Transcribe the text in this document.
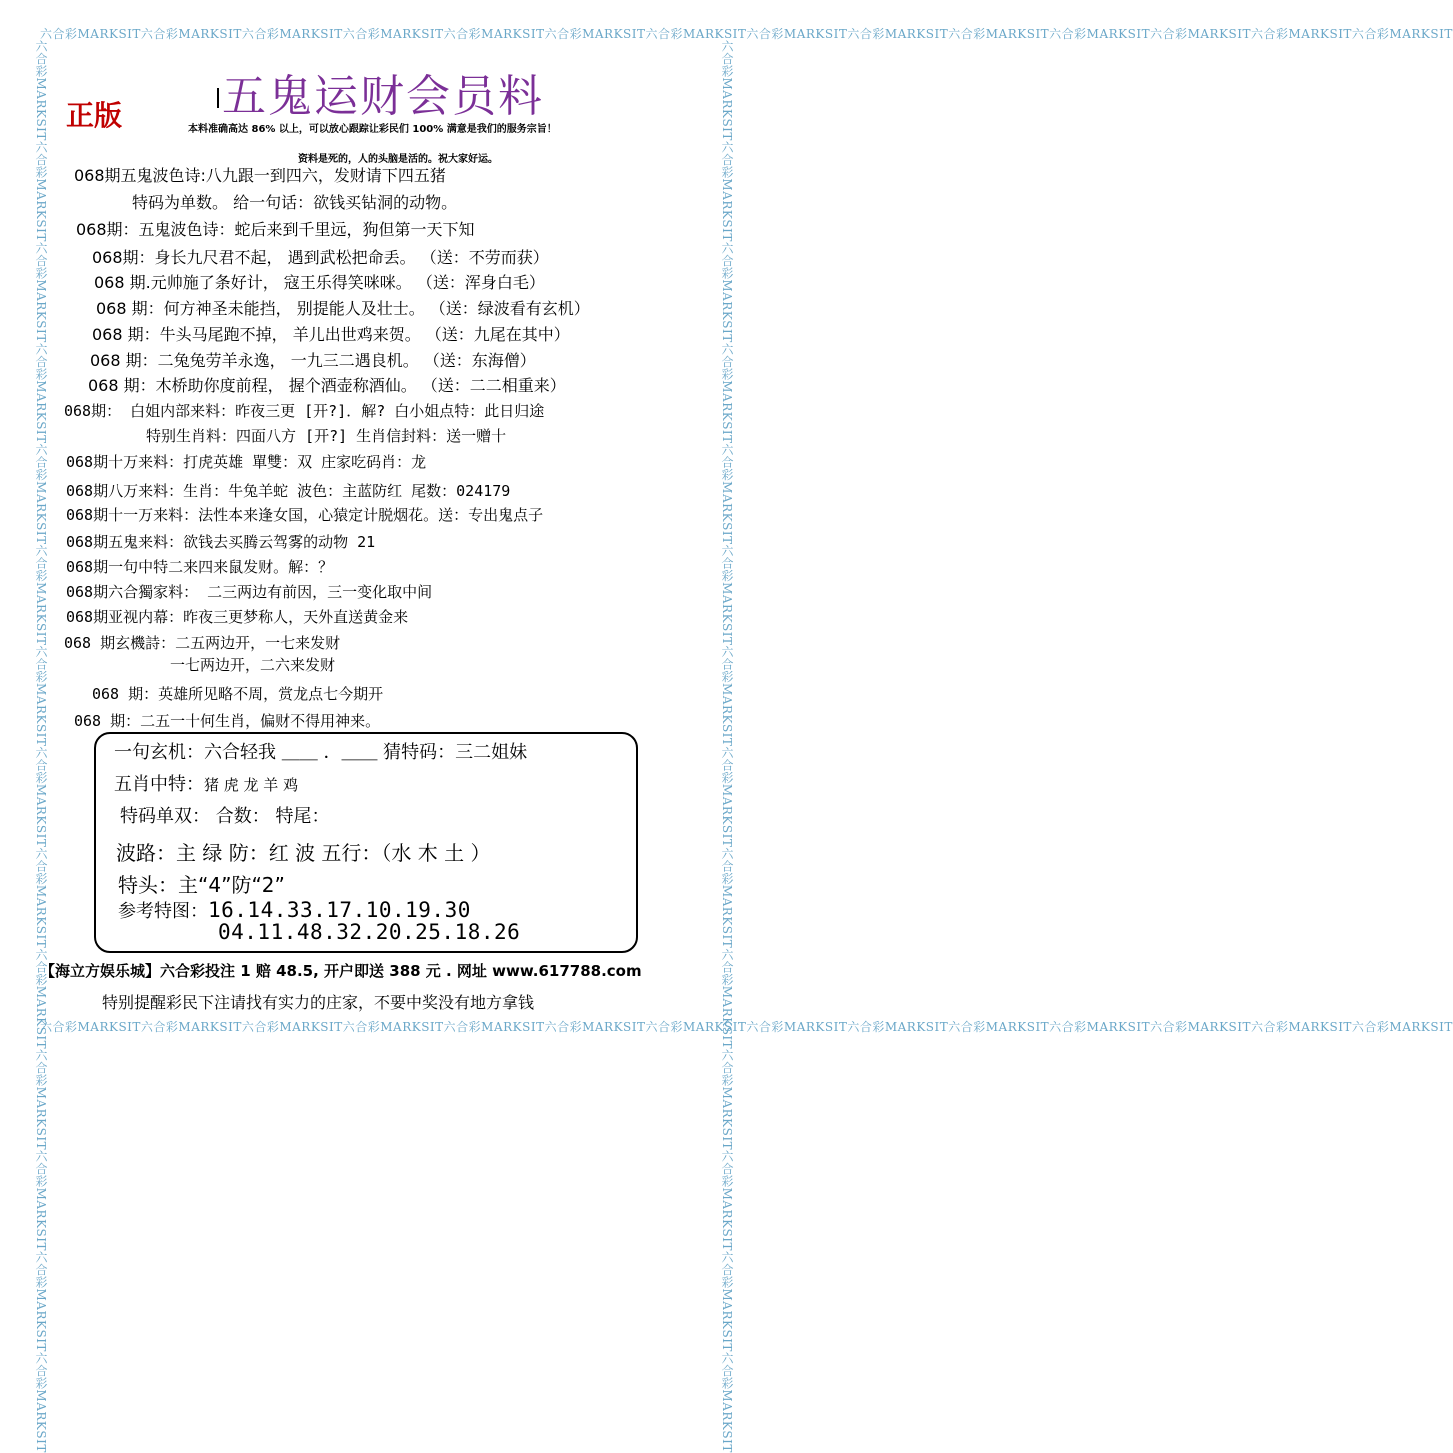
六合彩MARKSIT六合彩MARKSIT六合彩MARKSIT六合彩MARKSIT六合彩MARKSIT六合彩MARKSIT六合彩MARKSIT六合彩MARKSIT六合彩MARKSIT六合彩MARKSIT六合彩MARKSIT六合彩MARKSIT六合彩MARKSIT六合彩MARKSIT
六合彩MARKSIT六合彩MARKSIT六合彩MARKSIT六合彩MARKSIT六合彩MARKSIT六合彩MARKSIT六合彩MARKSIT六合彩MARKSIT六合彩MARKSIT六合彩MARKSIT六合彩MARKSIT六合彩MARKSIT六合彩MARKSIT六合彩MARKSIT
六合彩MARKSIT六合彩MARKSIT六合彩MARKSIT六合彩MARKSIT六合彩MARKSIT六合彩MARKSIT六合彩MARKSIT六合彩MARKSIT六合彩MARKSIT六合彩MARKSIT六合彩MARKSIT六合彩MARKSIT六合彩MARKSIT六合彩MARKSIT	六合彩MARKSIT六合彩MARKSIT六合彩MARKSIT六合彩MARKSIT六合彩MARKSIT六合彩MARKSIT六合彩MARKSIT六合彩MARKSIT六合彩MARKSIT六合彩MARKSIT六合彩MARKSIT六合彩MARKSIT六合彩MARKSIT六合彩MARKSIT
五鬼运财会员料
正版	本料准确高达 86% 以上，可以放心跟踪让彩民们 100% 满意是我们的服务宗旨！
资料是死的，人的头脑是活的。祝大家好运。
068期五鬼波色诗:八九跟一到四六，发财请下四五猪
特码为单数。 给一句话：欲钱买钻洞的动物。
068期：五鬼波色诗：蛇后来到千里远，狗但第一天下知
068期：身长九尺君不起， 遇到武松把命丢。 （送：不劳而获）
068 期.元帅施了条好计， 寇王乐得笑咪咪。 （送：浑身白毛）
068 期：何方神圣未能挡， 别提能人及壮士。 （送：绿波看有玄机）
068 期：牛头马尾跑不掉， 羊儿出世鸡来贺。 （送：九尾在其中）
068 期：二兔兔劳羊永逸， 一九三二遇良机。 （送：东海僧）
068 期：木桥助你度前程， 握个酒壶称酒仙。 （送：二二相重来）
068期： 白姐内部来料：昨夜三更 [开?]．解? 白小姐点特：此日归途
特别生肖料：四面八方 [开?] 生肖信封料：送一赠十
068期十万来料：打虎英雄 單雙：双 庄家吃码肖：龙
068期八万来料：生肖：牛兔羊蛇 波色：主蓝防红 尾数：024179
068期十一万来料：法性本来逢女国，心猿定计脱烟花。送：专出鬼点子
068期五鬼来料：欲钱去买腾云驾雾的动物 21
068期一句中特二来四来鼠发财。解：？
068期六合獨家料： 二三两边有前因，三一变化取中间
068期亚视内幕：昨夜三更梦称人，天外直送黄金来
068 期玄機詩：二五两边开，一七来发财
一七两边开，二六来发财
068 期：英雄所见略不周，赏龙点七今期开
068 期：二五一十何生肖，偏财不得用神来。
一句玄机：六合轻我 ＿＿ ．＿＿ 猜特码：三二姐妹
五肖中特：猪 虎 龙 羊 鸡
特码单双： 合数： 特尾：
波路：主 绿 防：红 波 五行：（水 木 土 ）
特头：主“4”防“2”
参考特图：16.14.33.17.10.19.30
04.11.48.32.20.25.18.26
【海立方娱乐城】六合彩投注 1 赔 48.5, 开户即送 388 元 . 网址 www.617788.com
特别提醒彩民下注请找有实力的庄家，不要中奖没有地方拿钱
